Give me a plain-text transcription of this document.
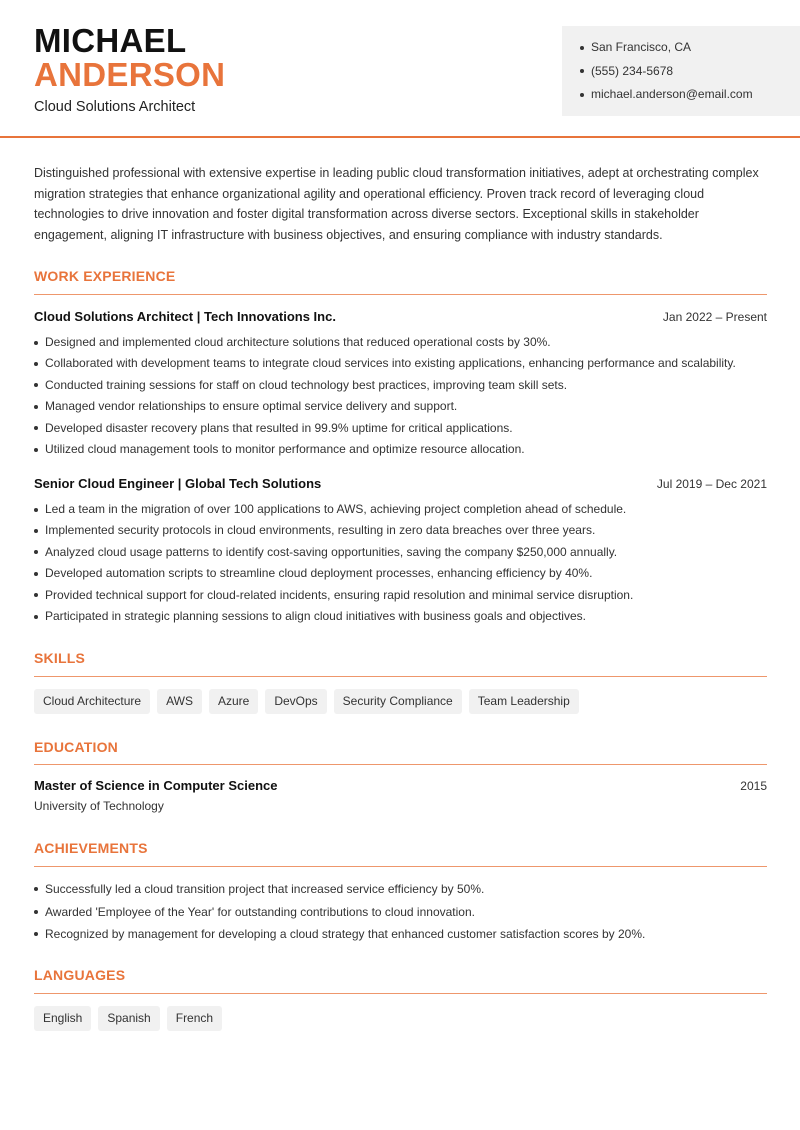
MICHAEL
ANDERSON
Cloud Solutions Architect
San Francisco, CA
(555) 234-5678
michael.anderson@email.com
Distinguished professional with extensive expertise in leading public cloud transformation initiatives, adept at orchestrating complex migration strategies that enhance organizational agility and operational efficiency. Proven track record of leveraging cloud technologies to drive innovation and foster digital transformation across diverse sectors. Exceptional skills in stakeholder engagement, aligning IT infrastructure with business objectives, and ensuring compliance with industry standards.
WORK EXPERIENCE
Cloud Solutions Architect | Tech Innovations Inc.	Jan 2022 – Present
Designed and implemented cloud architecture solutions that reduced operational costs by 30%.
Collaborated with development teams to integrate cloud services into existing applications, enhancing performance and scalability.
Conducted training sessions for staff on cloud technology best practices, improving team skill sets.
Managed vendor relationships to ensure optimal service delivery and support.
Developed disaster recovery plans that resulted in 99.9% uptime for critical applications.
Utilized cloud management tools to monitor performance and optimize resource allocation.
Senior Cloud Engineer | Global Tech Solutions	Jul 2019 – Dec 2021
Led a team in the migration of over 100 applications to AWS, achieving project completion ahead of schedule.
Implemented security protocols in cloud environments, resulting in zero data breaches over three years.
Analyzed cloud usage patterns to identify cost-saving opportunities, saving the company $250,000 annually.
Developed automation scripts to streamline cloud deployment processes, enhancing efficiency by 40%.
Provided technical support for cloud-related incidents, ensuring rapid resolution and minimal service disruption.
Participated in strategic planning sessions to align cloud initiatives with business goals and objectives.
SKILLS
Cloud Architecture	AWS	Azure	DevOps	Security Compliance	Team Leadership
EDUCATION
Master of Science in Computer Science	2015
University of Technology
ACHIEVEMENTS
Successfully led a cloud transition project that increased service efficiency by 50%.
Awarded 'Employee of the Year' for outstanding contributions to cloud innovation.
Recognized by management for developing a cloud strategy that enhanced customer satisfaction scores by 20%.
LANGUAGES
English	Spanish	French
